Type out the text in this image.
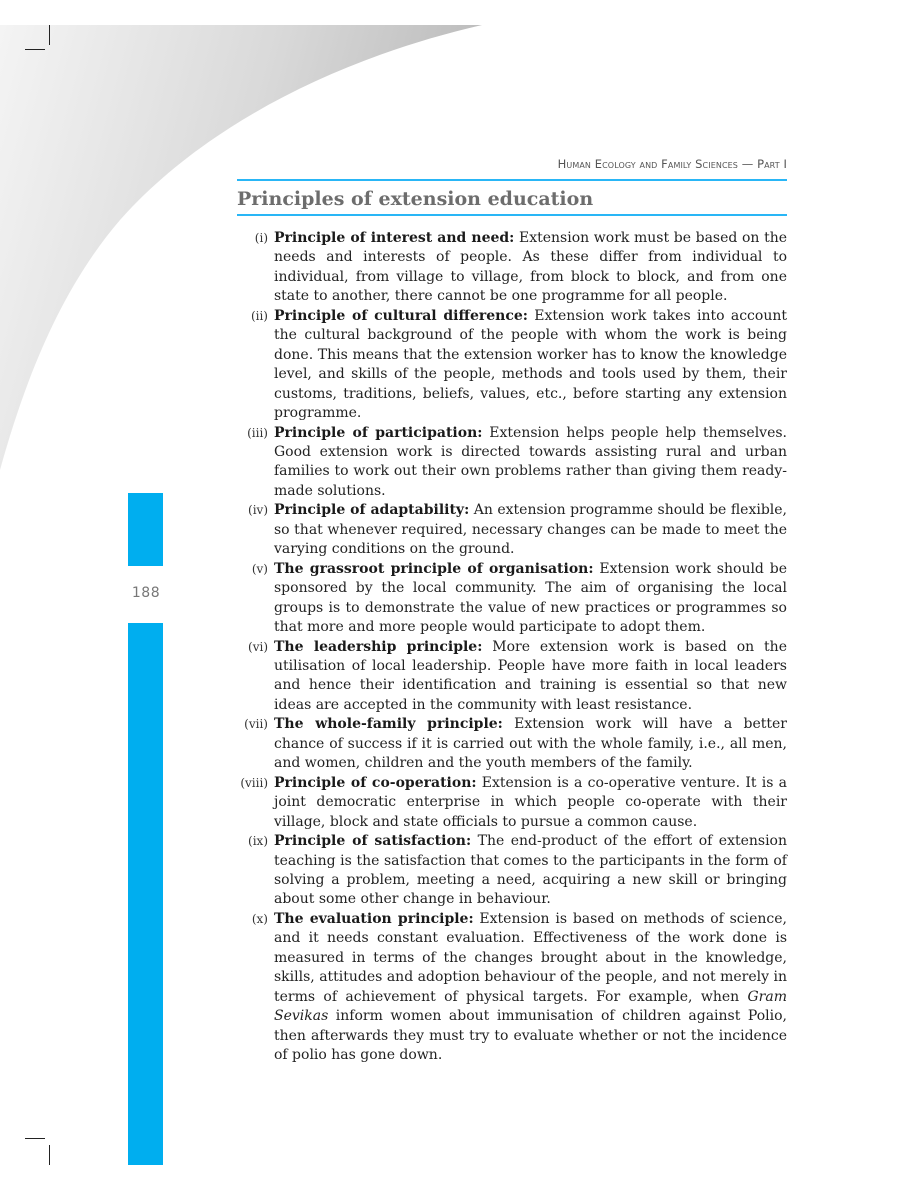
188
Human Ecology and Family Sciences — Part I
Principles of extension education
(i) Principle of interest and need: Extension work must be based on the needs and interests of people. As these differ from individual to individual, from village to village, from block to block, and from one state to another, there cannot be one programme for all people.
(ii) Principle of cultural difference: Extension work takes into account the cultural background of the people with whom the work is being done. This means that the extension worker has to know the knowledge level, and skills of the people, methods and tools used by them, their customs, traditions, beliefs, values, etc., before starting any extension programme.
(iii) Principle of participation: Extension helps people help themselves. Good extension work is directed towards assisting rural and urban families to work out their own problems rather than giving them ready-made solutions.
(iv) Principle of adaptability: An extension programme should be flexible, so that whenever required, necessary changes can be made to meet the varying conditions on the ground.
(v) The grassroot principle of organisation: Extension work should be sponsored by the local community. The aim of organising the local groups is to demonstrate the value of new practices or programmes so that more and more people would participate to adopt them.
(vi) The leadership principle: More extension work is based on the utilisation of local leadership. People have more faith in local leaders and hence their identification and training is essential so that new ideas are accepted in the community with least resistance.
(vii) The whole-family principle: Extension work will have a better chance of success if it is carried out with the whole family, i.e., all men, and women, children and the youth members of the family.
(viii) Principle of co-operation: Extension is a co-operative venture. It is a joint democratic enterprise in which people co-operate with their village, block and state officials to pursue a common cause.
(ix) Principle of satisfaction: The end-product of the effort of extension teaching is the satisfaction that comes to the participants in the form of solving a problem, meeting a need, acquiring a new skill or bringing about some other change in behaviour.
(x) The evaluation principle: Extension is based on methods of science, and it needs constant evaluation. Effectiveness of the work done is measured in terms of the changes brought about in the knowledge, skills, attitudes and adoption behaviour of the people, and not merely in terms of achievement of physical targets. For example, when Gram Sevikas inform women about immunisation of children against Polio, then afterwards they must try to evaluate whether or not the incidence of polio has gone down.
